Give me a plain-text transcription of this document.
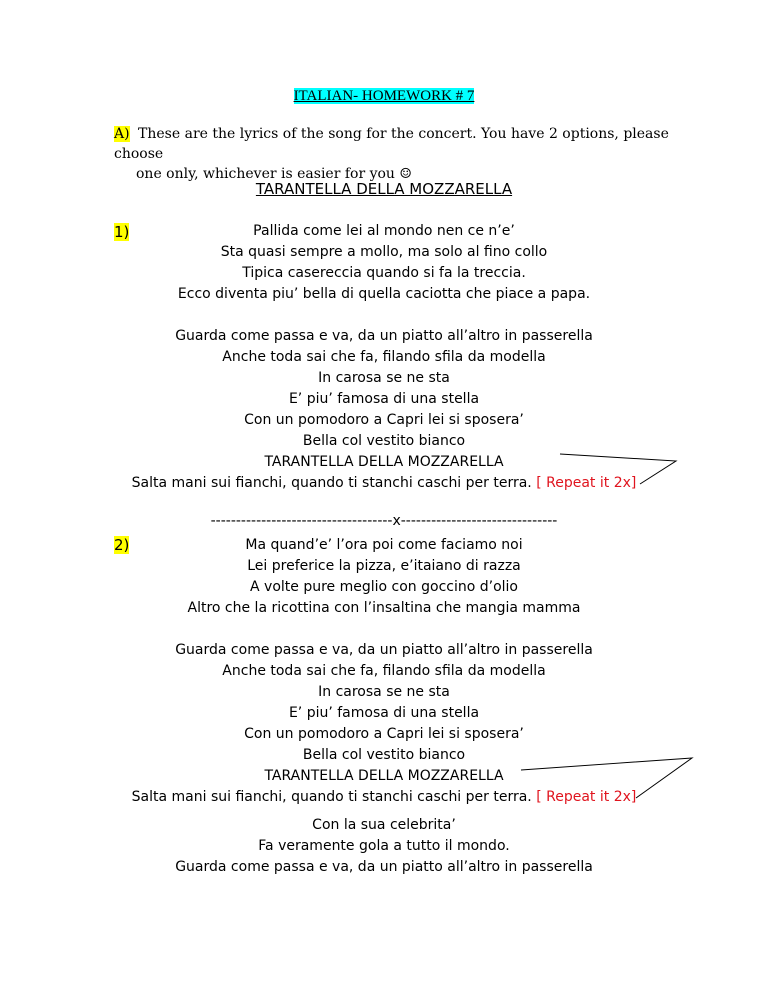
ITALIAN- HOMEWORK # 7
A) These are the lyrics of the song for the concert. You have 2 options, please choose
one only, whichever is easier for you ☺
TARANTELLA DELLA MOZZARELLA
1)	Pallida come lei al mondo nen ce n’e’
Sta quasi sempre a mollo, ma solo al fino collo
Tipica casereccia quando si fa la treccia.
Ecco diventa piu’ bella di quella caciotta che piace a papa.
Guarda come passa e va, da un piatto all’altro in passerella
Anche toda sai che fa, filando sfila da modella
In carosa se ne sta
E’ piu’ famosa di una stella
Con un pomodoro a Capri lei si sposera’
Bella col vestito bianco
TARANTELLA DELLA MOZZARELLA
Salta mani sui fianchi, quando ti stanchi caschi per terra. [ Repeat it 2x]
------------------------------------x-------------------------------
2)	Ma quand’e’ l’ora poi come faciamo noi
Lei preferice la pizza, e’itaiano di razza
A volte pure meglio con goccino d’olio
Altro che la ricottina con l’insaltina che mangia mamma
Guarda come passa e va, da un piatto all’altro in passerella
Anche toda sai che fa, filando sfila da modella
In carosa se ne sta
E’ piu’ famosa di una stella
Con un pomodoro a Capri lei si sposera’
Bella col vestito bianco
TARANTELLA DELLA MOZZARELLA
Salta mani sui fianchi, quando ti stanchi caschi per terra. [ Repeat it 2x]
Con la sua celebrita’
Fa veramente gola a tutto il mondo.
Guarda come passa e va, da un piatto all’altro in passerella
